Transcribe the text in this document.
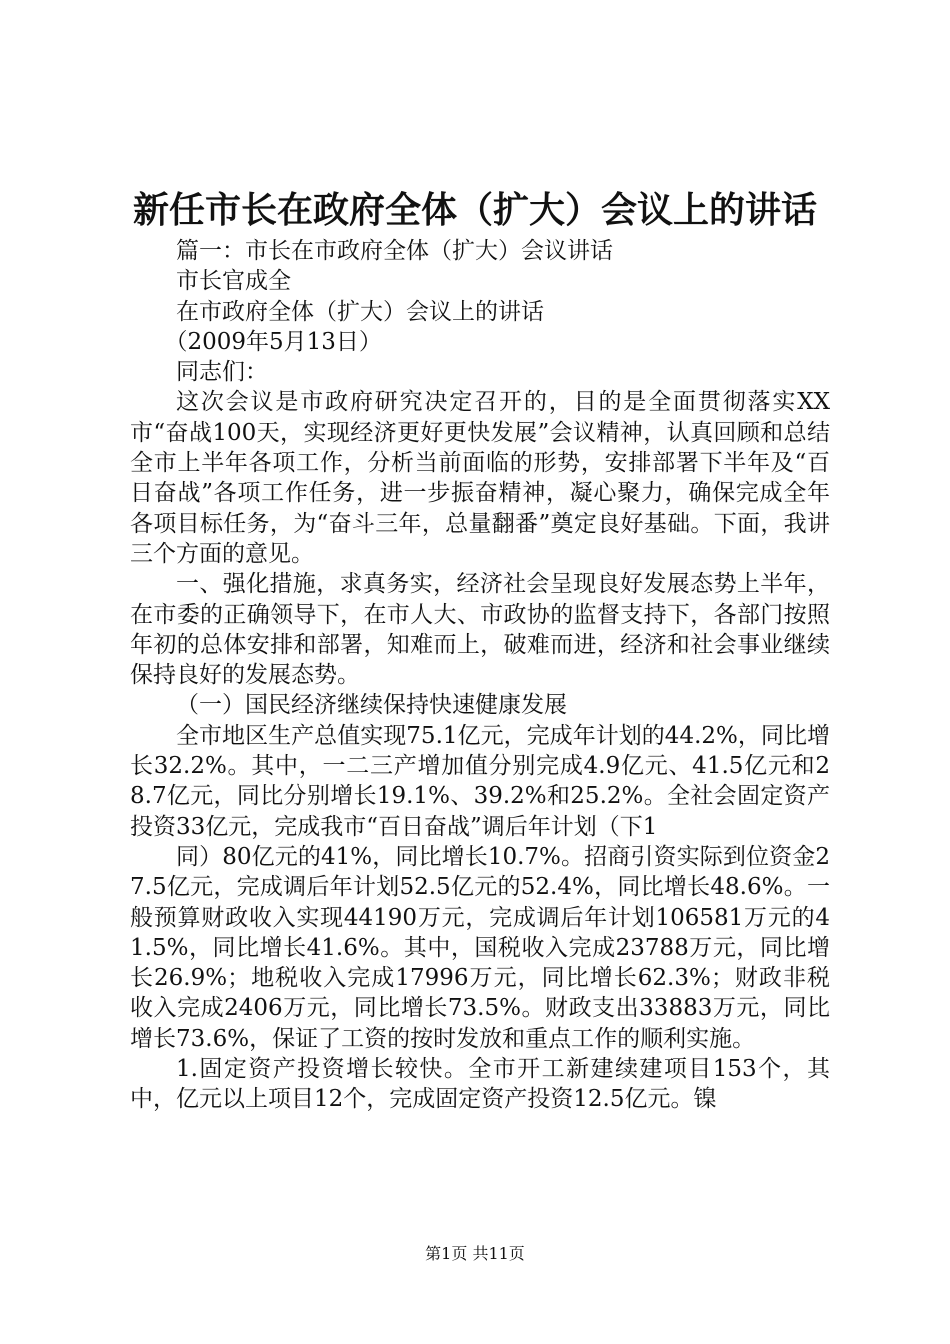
新任市长在政府全体（扩大）会议上的讲话

篇一：市长在市政府全体（扩大）会议讲话

市长官成全

在市政府全体（扩大）会议上的讲话

（2009年5月13日）

同志们：

这次会议是市政府研究决定召开的，目的是全面贯彻落实XX市“奋战100天，实现经济更好更快发展”会议精神，认真回顾和总结全市上半年各项工作，分析当前面临的形势，安排部署下半年及“百日奋战”各项工作任务，进一步振奋精神，凝心聚力，确保完成全年各项目标任务，为“奋斗三年，总量翻番”奠定良好基础。下面，我讲三个方面的意见。

一、强化措施，求真务实，经济社会呈现良好发展态势上半年，在市委的正确领导下，在市人大、市政协的监督支持下，各部门按照年初的总体安排和部署，知难而上，破难而进，经济和社会事业继续保持良好的发展态势。

（一）国民经济继续保持快速健康发展

全市地区生产总值实现75.1亿元，完成年计划的44.2%，同比增长32.2%。其中，一二三产增加值分别完成4.9亿元、41.5亿元和28.7亿元，同比分别增长19.1%、39.2%和25.2%。全社会固定资产投资33亿元，完成我市“百日奋战”调后年计划（下1

同）80亿元的41%，同比增长10.7%。招商引资实际到位资金27.5亿元，完成调后年计划52.5亿元的52.4%，同比增长48.6%。一般预算财政收入实现44190万元，完成调后年计划106581万元的41.5%，同比增长41.6%。其中，国税收入完成23788万元，同比增长26.9%；地税收入完成17996万元，同比增长62.3%；财政非税收入完成2406万元，同比增长73.5%。财政支出33883万元，同比增长73.6%，保证了工资的按时发放和重点工作的顺利实施。

1.固定资产投资增长较快。全市开工新建续建项目153个，其中，亿元以上项目12个，完成固定资产投资12.5亿元。镍

第1页 共11页
